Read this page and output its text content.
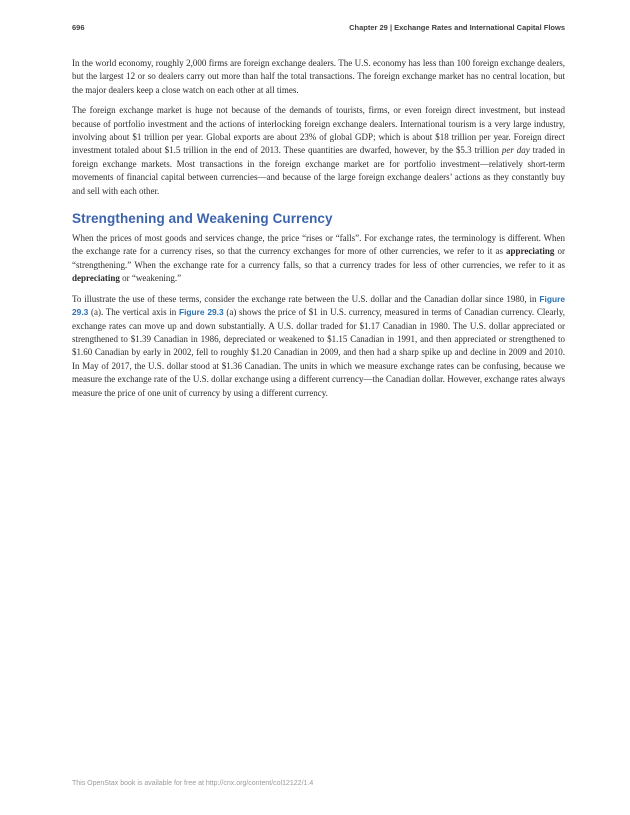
696	Chapter 29 | Exchange Rates and International Capital Flows

In the world economy, roughly 2,000 firms are foreign exchange dealers. The U.S. economy has less than 100 foreign exchange dealers, but the largest 12 or so dealers carry out more than half the total transactions. The foreign exchange market has no central location, but the major dealers keep a close watch on each other at all times.

The foreign exchange market is huge not because of the demands of tourists, firms, or even foreign direct investment, but instead because of portfolio investment and the actions of interlocking foreign exchange dealers. International tourism is a very large industry, involving about $1 trillion per year. Global exports are about 23% of global GDP; which is about $18 trillion per year. Foreign direct investment totaled about $1.5 trillion in the end of 2013. These quantities are dwarfed, however, by the $5.3 trillion per day traded in foreign exchange markets. Most transactions in the foreign exchange market are for portfolio investment—relatively short-term movements of financial capital between currencies—and because of the large foreign exchange dealers’ actions as they constantly buy and sell with each other.

Strengthening and Weakening Currency

When the prices of most goods and services change, the price “rises or “falls”. For exchange rates, the terminology is different. When the exchange rate for a currency rises, so that the currency exchanges for more of other currencies, we refer to it as appreciating or “strengthening.” When the exchange rate for a currency falls, so that a currency trades for less of other currencies, we refer to it as depreciating or “weakening.”

To illustrate the use of these terms, consider the exchange rate between the U.S. dollar and the Canadian dollar since 1980, in Figure 29.3 (a). The vertical axis in Figure 29.3 (a) shows the price of $1 in U.S. currency, measured in terms of Canadian currency. Clearly, exchange rates can move up and down substantially. A U.S. dollar traded for $1.17 Canadian in 1980. The U.S. dollar appreciated or strengthened to $1.39 Canadian in 1986, depreciated or weakened to $1.15 Canadian in 1991, and then appreciated or strengthened to $1.60 Canadian by early in 2002, fell to roughly $1.20 Canadian in 2009, and then had a sharp spike up and decline in 2009 and 2010. In May of 2017, the U.S. dollar stood at $1.36 Canadian. The units in which we measure exchange rates can be confusing, because we measure the exchange rate of the U.S. dollar exchange using a different currency—the Canadian dollar. However, exchange rates always measure the price of one unit of currency by using a different currency.

This OpenStax book is available for free at http://cnx.org/content/col12122/1.4
